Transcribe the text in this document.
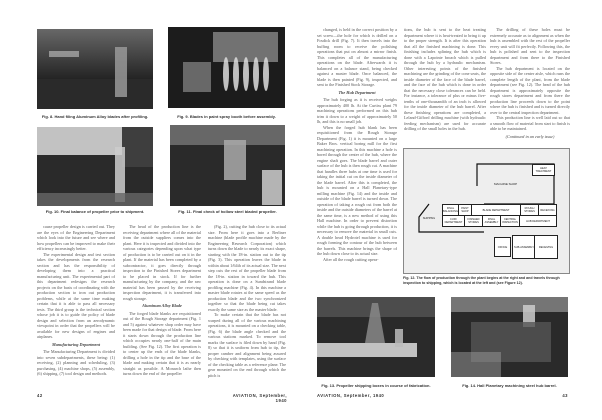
Fig. 8. Hand filing Aluminum Alloy blades after profiling.	Fig. 9. Blades in paint spray booth before assembly.
Fig. 10. Final balance of propeller prior to shipment.	Fig. 11. Final check of hollow steel bladed propeller.

cause propeller design is carried out. They are the eyes of the Engineering Department which look into the future and see where and how propellers can be improved to make their efficiency increasingly better.

The experimental design and test section takes the developments from the research section and has the responsibility of developing them into a practical manufacturing unit. The experimental part of this department redesigns the research projects on the basis of coordinating with the production section to iron out production problems, while at the same time making certain that it is able to pass all necessary tests. The third group is the technical section whose job it is to guide the policy of blade design and selection from an aerodynamic viewpoint in order that the propellers will be available for new designs of engines and airplanes.

Manufacturing Department

The Manufacturing Department is divided into seven subdepartments, these being: (1) receiving, (2) planning and scheduling, (3) purchasing, (4) machine shops, (5) assembly, (6) shipping, (7) tool design and methods.

The head of the production line is the receiving department where all of the material from the outside suppliers comes into the plant. Here it is inspected and divided into the various categories depending upon what type of production is to be carried out on it in the plant. If the material has been completed by a subcontractor, it goes directly through inspection to the Finished Stores department to be placed in stock. If for further manufacturing by the company, and the raw material has been passed by the receiving inspection department, it is transferred into rough storage.

Aluminum Alloy Blade

The forged blade blanks are requisitioned out of the Rough Storage department (Fig. 1 and 5) against whatever shop order may have been made for that design of blade. From here it starts down through the production line which occupies nearly one-half of the main building. (See Fig. 12). The first operation is to center up the ends of the blade blanks, drilling a hole in the tip and the base of the blade and making certain that it is as nearly straight as possible. A Monarch lathe then turns down the end of the propeller

(Fig. 2), cutting the hub close to its actual size. From here it goes into a Berliner machine (blade profile machine made by the Engineering Research Corporation) which turns down the blade to nearly its exact shape, starting with the 18-in. station out to the tip (Fig. 3). This operation leaves the blade in within about 1/64th of its actual size. The next step cuts the rest of the propeller blade from the 18-in. station in toward the hub. This operation is done on a Sundstrand blade profiling machine (Fig. 4). In this machine a master blade rotates at the same speed as the production blade and the two synchronized together so that the blade being cut takes exactly the same size as the master blade.

To make certain that the blade has not warped during all of the various machining operations, it is mounted on a checking table, (Fig. 6) the blade angle checked and the various stations marked. To remove tool marks the surface is filed down by hand (Fig. 8) so that it is uniform from hub to tip, the proper camber and alignment being assured by checking with templates, using the surface of the checking table as a reference plane. The gear mounted on the end through which the pitch is

42	AVIATION, September, 1940

changed, is held in the correct position by a set screw—the hole for which is drilled on a Fosdick drill (Fig. 7). It then travels into the buffing room to receive the polishing operations that put on almost a mirror finish. This completes all of the manufacturing operations on the blade. Afterwards it is balanced on a balance stand, being checked against a master blade. Once balanced, the blade is then painted (Fig. 9), inspected, and sent to the Finished Stock Storage.

The Hub Department

The hub forging as it is received weighs approximately 400 lb. At the Curtiss plant 79 machining operations performed on this hub trim it down to a weight of approximately 50 lb, and this is no small job.

When the forged hub blank has been requisitioned from the Rough Storage Department (Fig. 1) it is mounted on a large Baker Bros. vertical boring mill for the first machining operation. In this machine a hole is bored through the center of the hub, where the engine shaft goes. The blade barrel and outer surface of the hub is then rough cut. A machine that handles three hubs at one time is used for taking the initial cut on the inside diameter of the blade barrel. After this is completed, the hub is mounted on a Hall Planetary-type milling machine (Fig. 14) and the inside and outside of the blade barrel is turned down. The operation of taking a rough cut from both the inside and the outside diameters of the barrel at the same time, is a new method of using this Hall machine. In order to prevent distortion while the hub is going through production, it is necessary to remove the material in small cuts. A double head Hydrotel machine is used for rough forming the contour of the hub between the barrels. This machine brings the shape of the hub down close to its actual size.

After all the rough cutting opera-

tions, the hub is sent to the heat treating department where it is heat-treated to bring it up to the proper strength. It is after this operation that all the finished machining is done. This finishing includes splining the hub which is done with a Lapointe broach which is pulled through the hub by a hydraulic mechanism. Other interesting points of the finished machining are the grinding of the cone seats, the inside diameter of the face of the blade barrel, and the face of the hub which is done in order that the necessary close tolerances can be held. For instance, a tolerance of plus or minus five-tenths of one-thousandth of an inch is allowed for the inside diameter of the hub barrel. After these finishing operations are completed, a Leland-Gifford drilling machine (with hydraulic feeding mechanism) are used for accurate drilling of the small holes in the hub.

The drilling of these holes must be extremely accurate as to alignment as when the hub is assembled with the rest of the propeller every unit will fit perfectly. Following this, the hub is polished and sent to the inspection department and from there to the Finished Stores.

The hub department is located on the opposite side of the center aisle, which runs the complete length of the plant, from the blade department (see Fig. 12). The head of the hub department is approximately opposite the rough stores department and from there the production line proceeds down to the point where the hub is finished and is turned directly over to the central inspection department.

This production line is well laid out so that a smooth flow of material from start to finish is able to be maintained.

(Continued in an early issue)
HEAT TREATMENT
MACHINE SHOP
FINAL BALANCING
PAINT SHOP	BLADE DEPARTMENT	ROUGH STORES	RECEIVING
SHIPPING	CUFF DEPARTMENT
FINISHED STORES
FINAL ASSEMBLY
CENTRAL INSPECTION	HUB DEPARTMENT
OFFICE	SUB-ASSEMBLY	RECEIVING
Fig. 12. The flow of production through the plant begins at the right and and travels through inspection to shipping, which is located at the left and (see Figure 12).
Fig. 13. Propeller shipping boxes in course of fabrication.	Fig. 14. Hall Planetary machining steel hub barrel.
AVIATION, September, 1940	43
